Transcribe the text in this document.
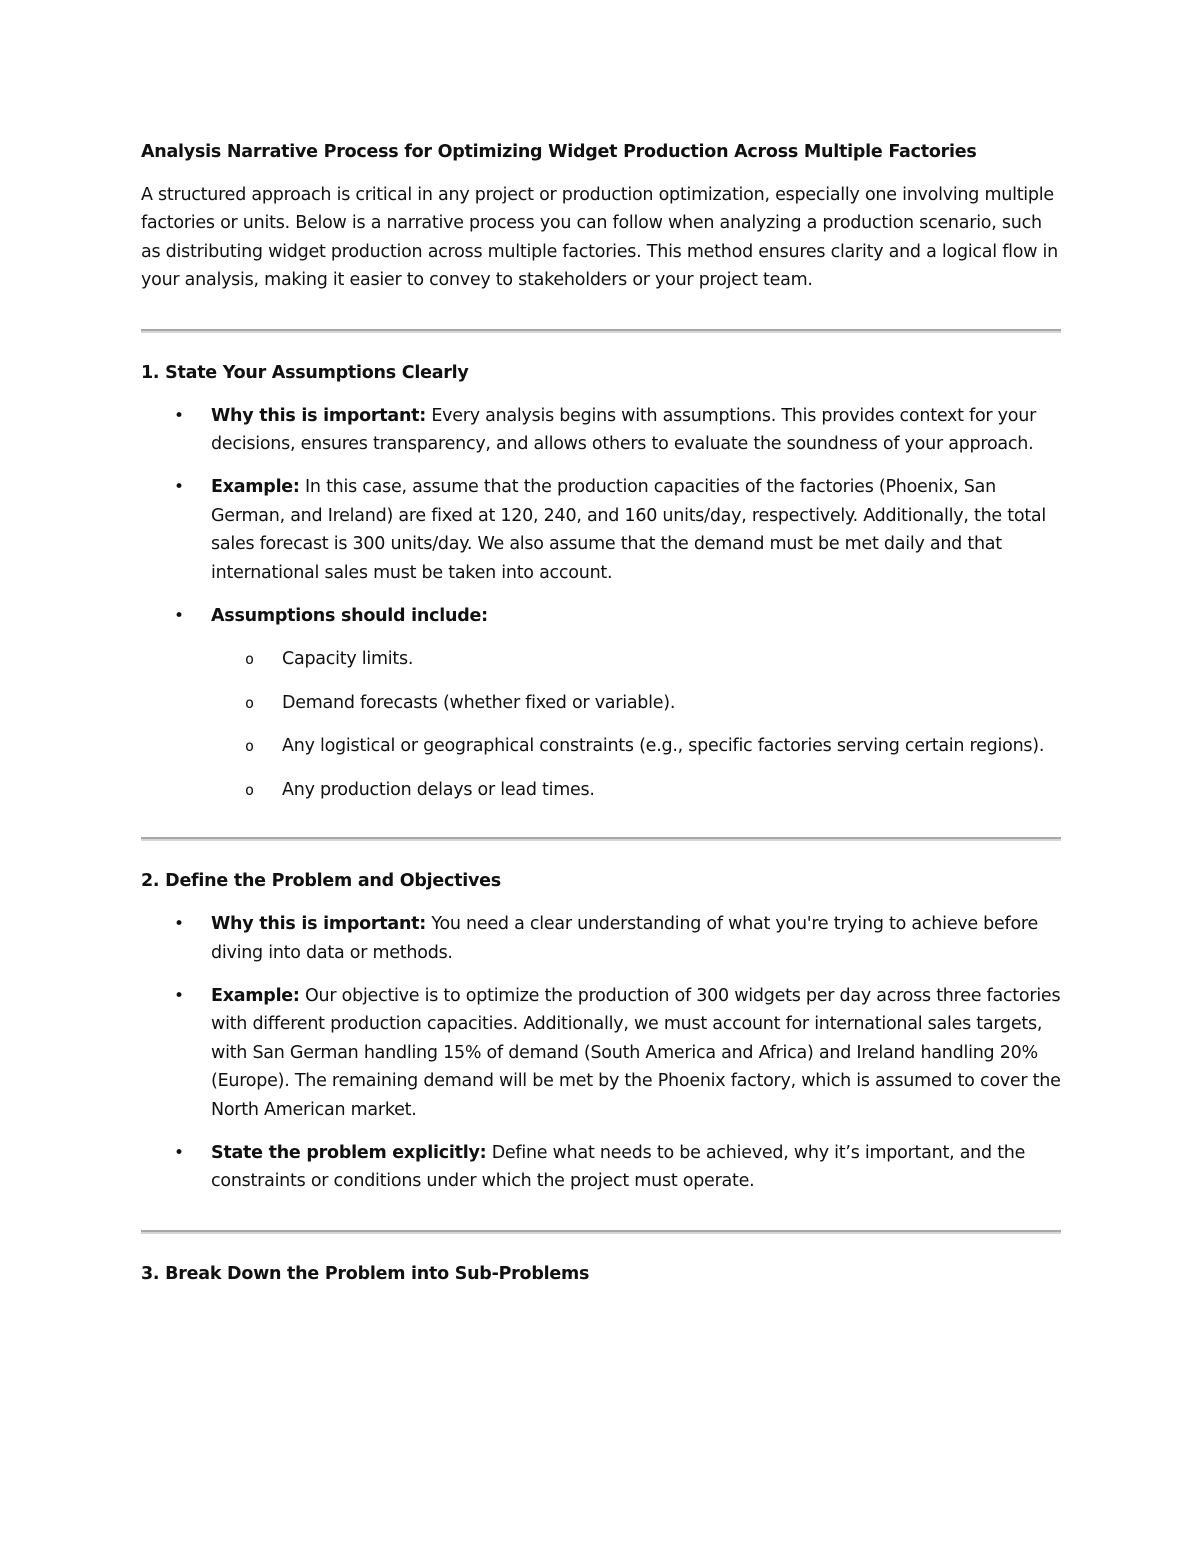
Analysis Narrative Process for Optimizing Widget Production Across Multiple Factories

A structured approach is critical in any project or production optimization, especially one involving multiple factories or units. Below is a narrative process you can follow when analyzing a production scenario, such as distributing widget production across multiple factories. This method ensures clarity and a logical flow in your analysis, making it easier to convey to stakeholders or your project team.

1. State Your Assumptions Clearly

• Why this is important: Every analysis begins with assumptions. This provides context for your decisions, ensures transparency, and allows others to evaluate the soundness of your approach.
• Example: In this case, assume that the production capacities of the factories (Phoenix, San German, and Ireland) are fixed at 120, 240, and 160 units/day, respectively. Additionally, the total sales forecast is 300 units/day. We also assume that the demand must be met daily and that international sales must be taken into account.
• Assumptions should include:
o Capacity limits.
o Demand forecasts (whether fixed or variable).
o Any logistical or geographical constraints (e.g., specific factories serving certain regions).
o Any production delays or lead times.

2. Define the Problem and Objectives

• Why this is important: You need a clear understanding of what you're trying to achieve before diving into data or methods.
• Example: Our objective is to optimize the production of 300 widgets per day across three factories with different production capacities. Additionally, we must account for international sales targets, with San German handling 15% of demand (South America and Africa) and Ireland handling 20% (Europe). The remaining demand will be met by the Phoenix factory, which is assumed to cover the North American market.
• State the problem explicitly: Define what needs to be achieved, why it’s important, and the constraints or conditions under which the project must operate.

3. Break Down the Problem into Sub-Problems
